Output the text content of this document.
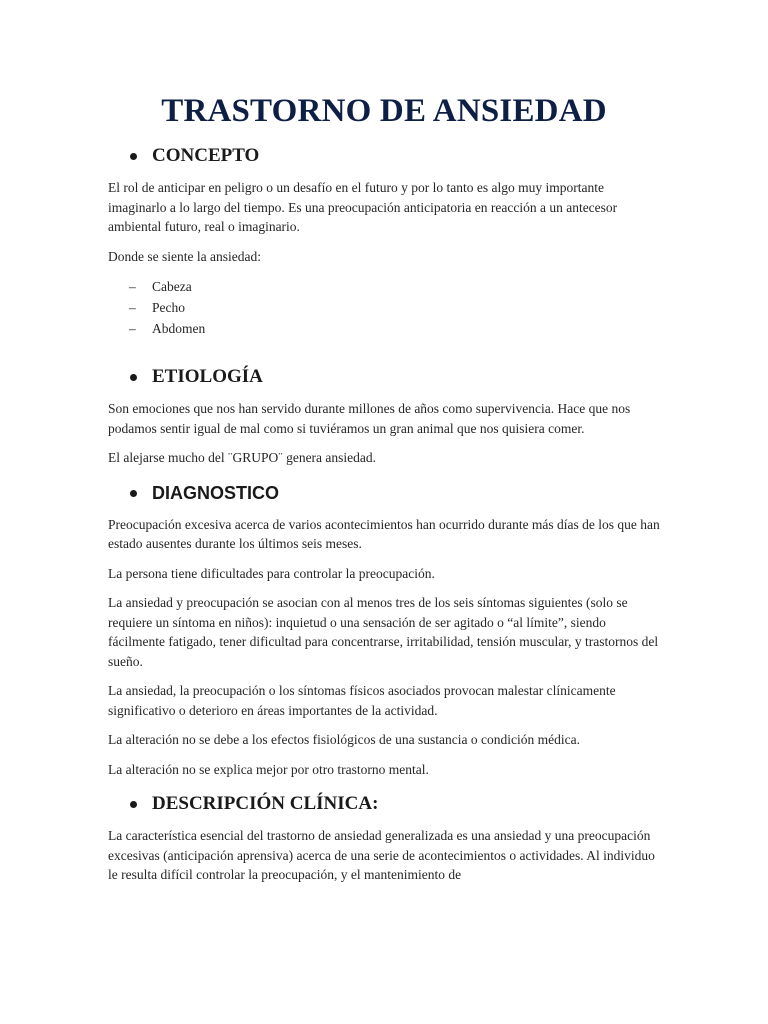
TRASTORNO DE ANSIEDAD
CONCEPTO

El rol de anticipar en peligro o un desafío en el futuro y por lo tanto es algo muy importante imaginarlo a lo largo del tiempo. Es una preocupación anticipatoria en reacción a un antecesor ambiental futuro, real o imaginario.

Donde se siente la ansiedad:

– Cabeza
– Pecho
– Abdomen
ETIOLOGÍA

Son emociones que nos han servido durante millones de años como supervivencia. Hace que nos podamos sentir igual de mal como si tuviéramos un gran animal que nos quisiera comer.

El alejarse mucho del ¨GRUPO¨ genera ansiedad.

DIAGNOSTICO

Preocupación excesiva acerca de varios acontecimientos han ocurrido durante más días de los que han estado ausentes durante los últimos seis meses.

La persona tiene dificultades para controlar la preocupación.

La ansiedad y preocupación se asocian con al menos tres de los seis síntomas siguientes (solo se requiere un síntoma en niños): inquietud o una sensación de ser agitado o “al límite”, siendo fácilmente fatigado, tener dificultad para concentrarse, irritabilidad, tensión muscular, y trastornos del sueño.

La ansiedad, la preocupación o los síntomas físicos asociados provocan malestar clínicamente significativo o deterioro en áreas importantes de la actividad.

La alteración no se debe a los efectos fisiológicos de una sustancia o condición médica.

La alteración no se explica mejor por otro trastorno mental.

DESCRIPCIÓN CLÍNICA:

La característica esencial del trastorno de ansiedad generalizada es una ansiedad y una preocupación excesivas (anticipación aprensiva) acerca de una serie de acontecimientos o actividades. Al individuo le resulta difícil controlar la preocupación, y el mantenimiento de
